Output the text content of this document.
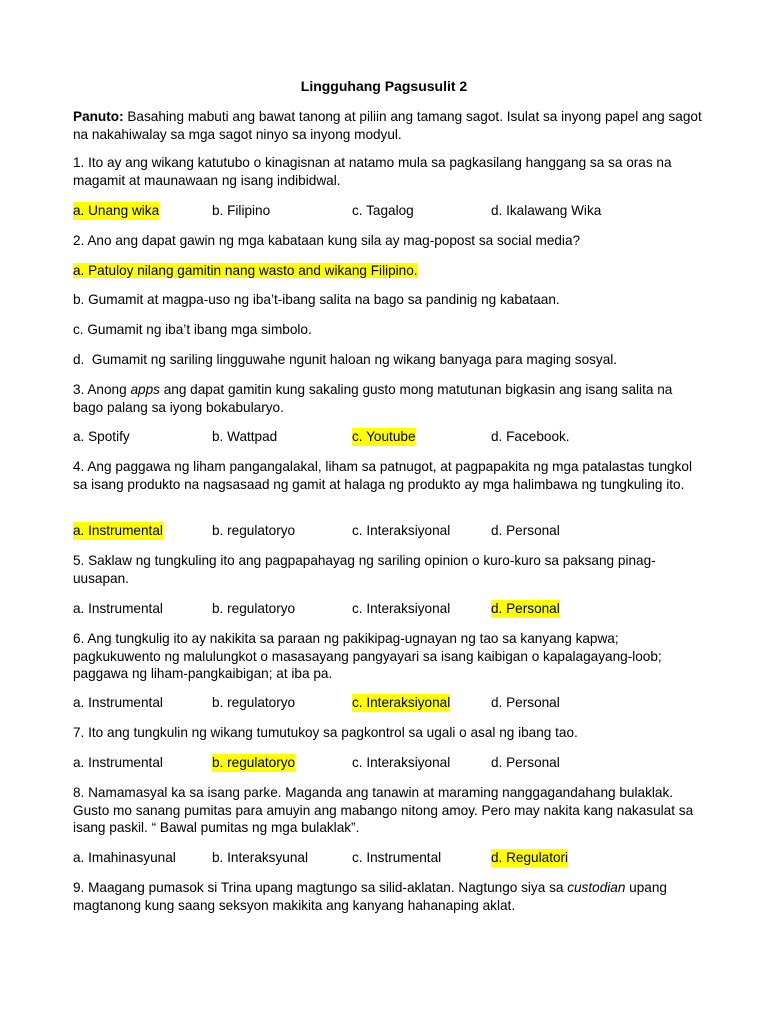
Lingguhang Pagsusulit 2
Panuto: Basahing mabuti ang bawat tanong at piliin ang tamang sagot. Isulat sa inyong papel ang sagot na nakahiwalay sa mga sagot ninyo sa inyong modyul.
1. Ito ay ang wikang katutubo o kinagisnan at natamo mula sa pagkasilang hanggang sa sa oras na magamit at maunawaan ng isang indibidwal.
a. Unang wika	b. Filipino	c. Tagalog	d. Ikalawang Wika
2. Ano ang dapat gawin ng mga kabataan kung sila ay mag-popost sa social media?
a. Patuloy nilang gamitin nang wasto and wikang Filipino.
b. Gumamit at magpa-uso ng iba’t-ibang salita na bago sa pandinig ng kabataan.
c. Gumamit ng iba’t ibang mga simbolo.
d.  Gumamit ng sariling lingguwahe ngunit haloan ng wikang banyaga para maging sosyal.
3. Anong apps ang dapat gamitin kung sakaling gusto mong matutunan bigkasin ang isang salita na bago palang sa iyong bokabularyo.
a. Spotify	b. Wattpad	c. Youtube	d. Facebook.
4. Ang paggawa ng liham pangangalakal, liham sa patnugot, at pagpapakita ng mga patalastas tungkol sa isang produkto na nagsasaad ng gamit at halaga ng produkto ay mga halimbawa ng tungkuling ito.
a. Instrumental	b. regulatoryo	c. Interaksiyonal	d. Personal
5. Saklaw ng tungkuling ito ang pagpapahayag ng sariling opinion o kuro-kuro sa paksang pinag-uusapan.
a. Instrumental	b. regulatoryo	c. Interaksiyonal	d. Personal
6. Ang tungkulig ito ay nakikita sa paraan ng pakikipag-ugnayan ng tao sa kanyang kapwa; pagkukuwento ng malulungkot o masasayang pangyayari sa isang kaibigan o kapalagayang-loob; paggawa ng liham-pangkaibigan; at iba pa.
a. Instrumental	b. regulatoryo	c. Interaksiyonal	d. Personal
7. Ito ang tungkulin ng wikang tumutukoy sa pagkontrol sa ugali o asal ng ibang tao.
a. Instrumental	b. regulatoryo	c. Interaksiyonal	d. Personal
8. Namamasyal ka sa isang parke. Maganda ang tanawin at maraming nanggagandahang bulaklak. Gusto mo sanang pumitas para amuyin ang mabango nitong amoy. Pero may nakita kang nakasulat sa isang paskil. “ Bawal pumitas ng mga bulaklak”.
a. Imahinasyunal	b. Interaksyunal	c. Instrumental	d. Regulatori
9. Maagang pumasok si Trina upang magtungo sa silid-aklatan. Nagtungo siya sa custodian upang magtanong kung saang seksyon makikita ang kanyang hahanaping aklat.
